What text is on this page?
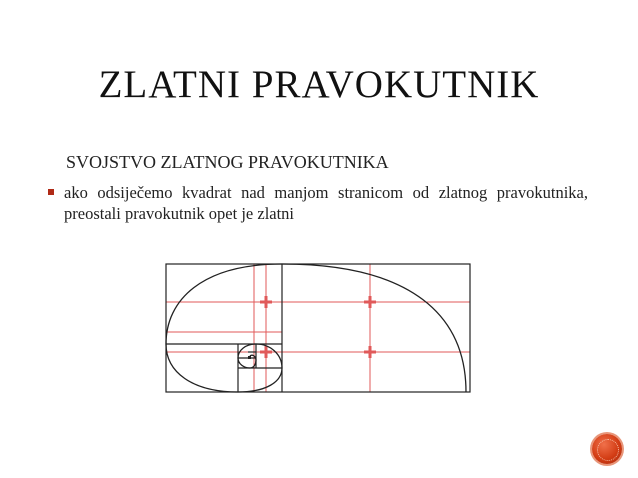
ZLATNI PRAVOKUTNIK
SVOJSTVO ZLATNOG PRAVOKUTNIKA
ako odsiječemo kvadrat nad manjom stranicom od zlatnog pravokutnika, preostali pravokutnik opet je zlatni
